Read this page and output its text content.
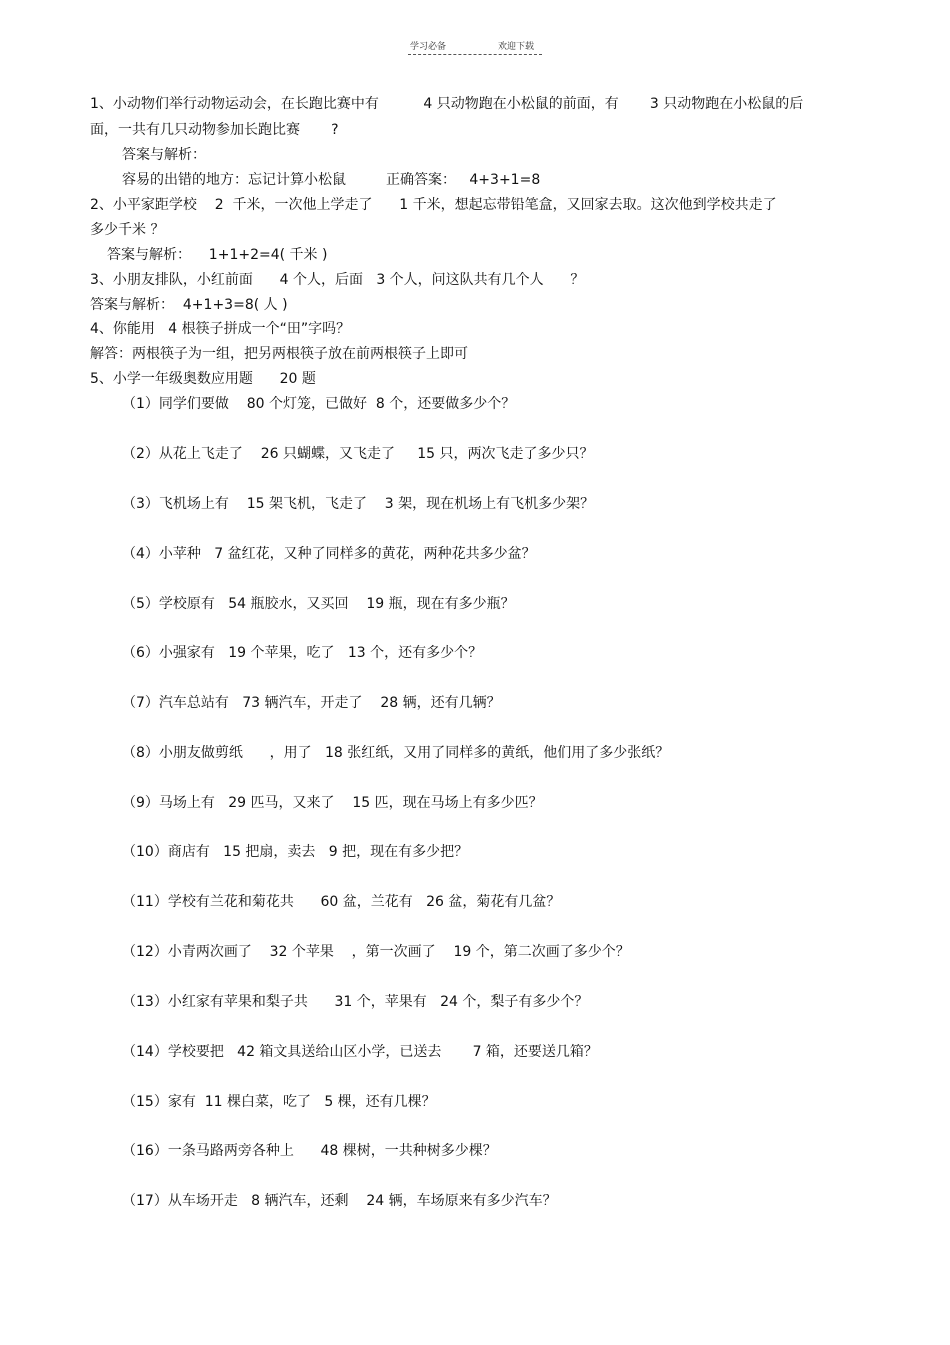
学习必备	欢迎下载
1、小动物们举行动物运动会，在长跑比赛中有          4 只动物跑在小松鼠的前面，有       3 只动物跑在小松鼠的后
面，一共有几只动物参加长跑比赛       ?
答案与解析：
容易的出错的地方：忘记计算小松鼠         正确答案：   4+3+1=8
2、小平家距学校    2  千米，一次他上学走了      1 千米，想起忘带铅笔盒，又回家去取。这次他到学校共走了
多少千米 ？
答案与解析：    1+1+2=4( 千米 )
3、小朋友排队，小红前面      4 个人，后面   3 个人，问这队共有几个人      ？
答案与解析：  4+1+3=8( 人 )
4、你能用   4 根筷子拼成一个“田”字吗？
解答：两根筷子为一组，把另两根筷子放在前两根筷子上即可
5、小学一年级奥数应用题      20 题
（1）同学们要做    80 个灯笼，已做好  8 个，还要做多少个？
（2）从花上飞走了    26 只蝴蝶，又飞走了     15 只，两次飞走了多少只？
（3）飞机场上有    15 架飞机，飞走了    3 架，现在机场上有飞机多少架？
（4）小苹种   7 盆红花，又种了同样多的黄花，两种花共多少盆？
（5）学校原有   54 瓶胶水，又买回    19 瓶，现在有多少瓶？
（6）小强家有   19 个苹果，吃了   13 个，还有多少个？
（7）汽车总站有   73 辆汽车，开走了    28 辆，还有几辆？
（8）小朋友做剪纸      ，用了   18 张红纸，又用了同样多的黄纸，他们用了多少张纸？
（9）马场上有   29 匹马，又来了    15 匹，现在马场上有多少匹？
（10）商店有   15 把扇，卖去   9 把，现在有多少把？
（11）学校有兰花和菊花共      60 盆，兰花有   26 盆，菊花有几盆？
（12）小青两次画了    32 个苹果    ，第一次画了    19 个，第二次画了多少个？
（13）小红家有苹果和梨子共      31 个，苹果有   24 个，梨子有多少个？
（14）学校要把   42 箱文具送给山区小学，已送去       7 箱，还要送几箱？
（15）家有  11 棵白菜，吃了   5 棵，还有几棵？
（16）一条马路两旁各种上      48 棵树，一共种树多少棵？
（17）从车场开走   8 辆汽车，还剩    24 辆，车场原来有多少汽车？
